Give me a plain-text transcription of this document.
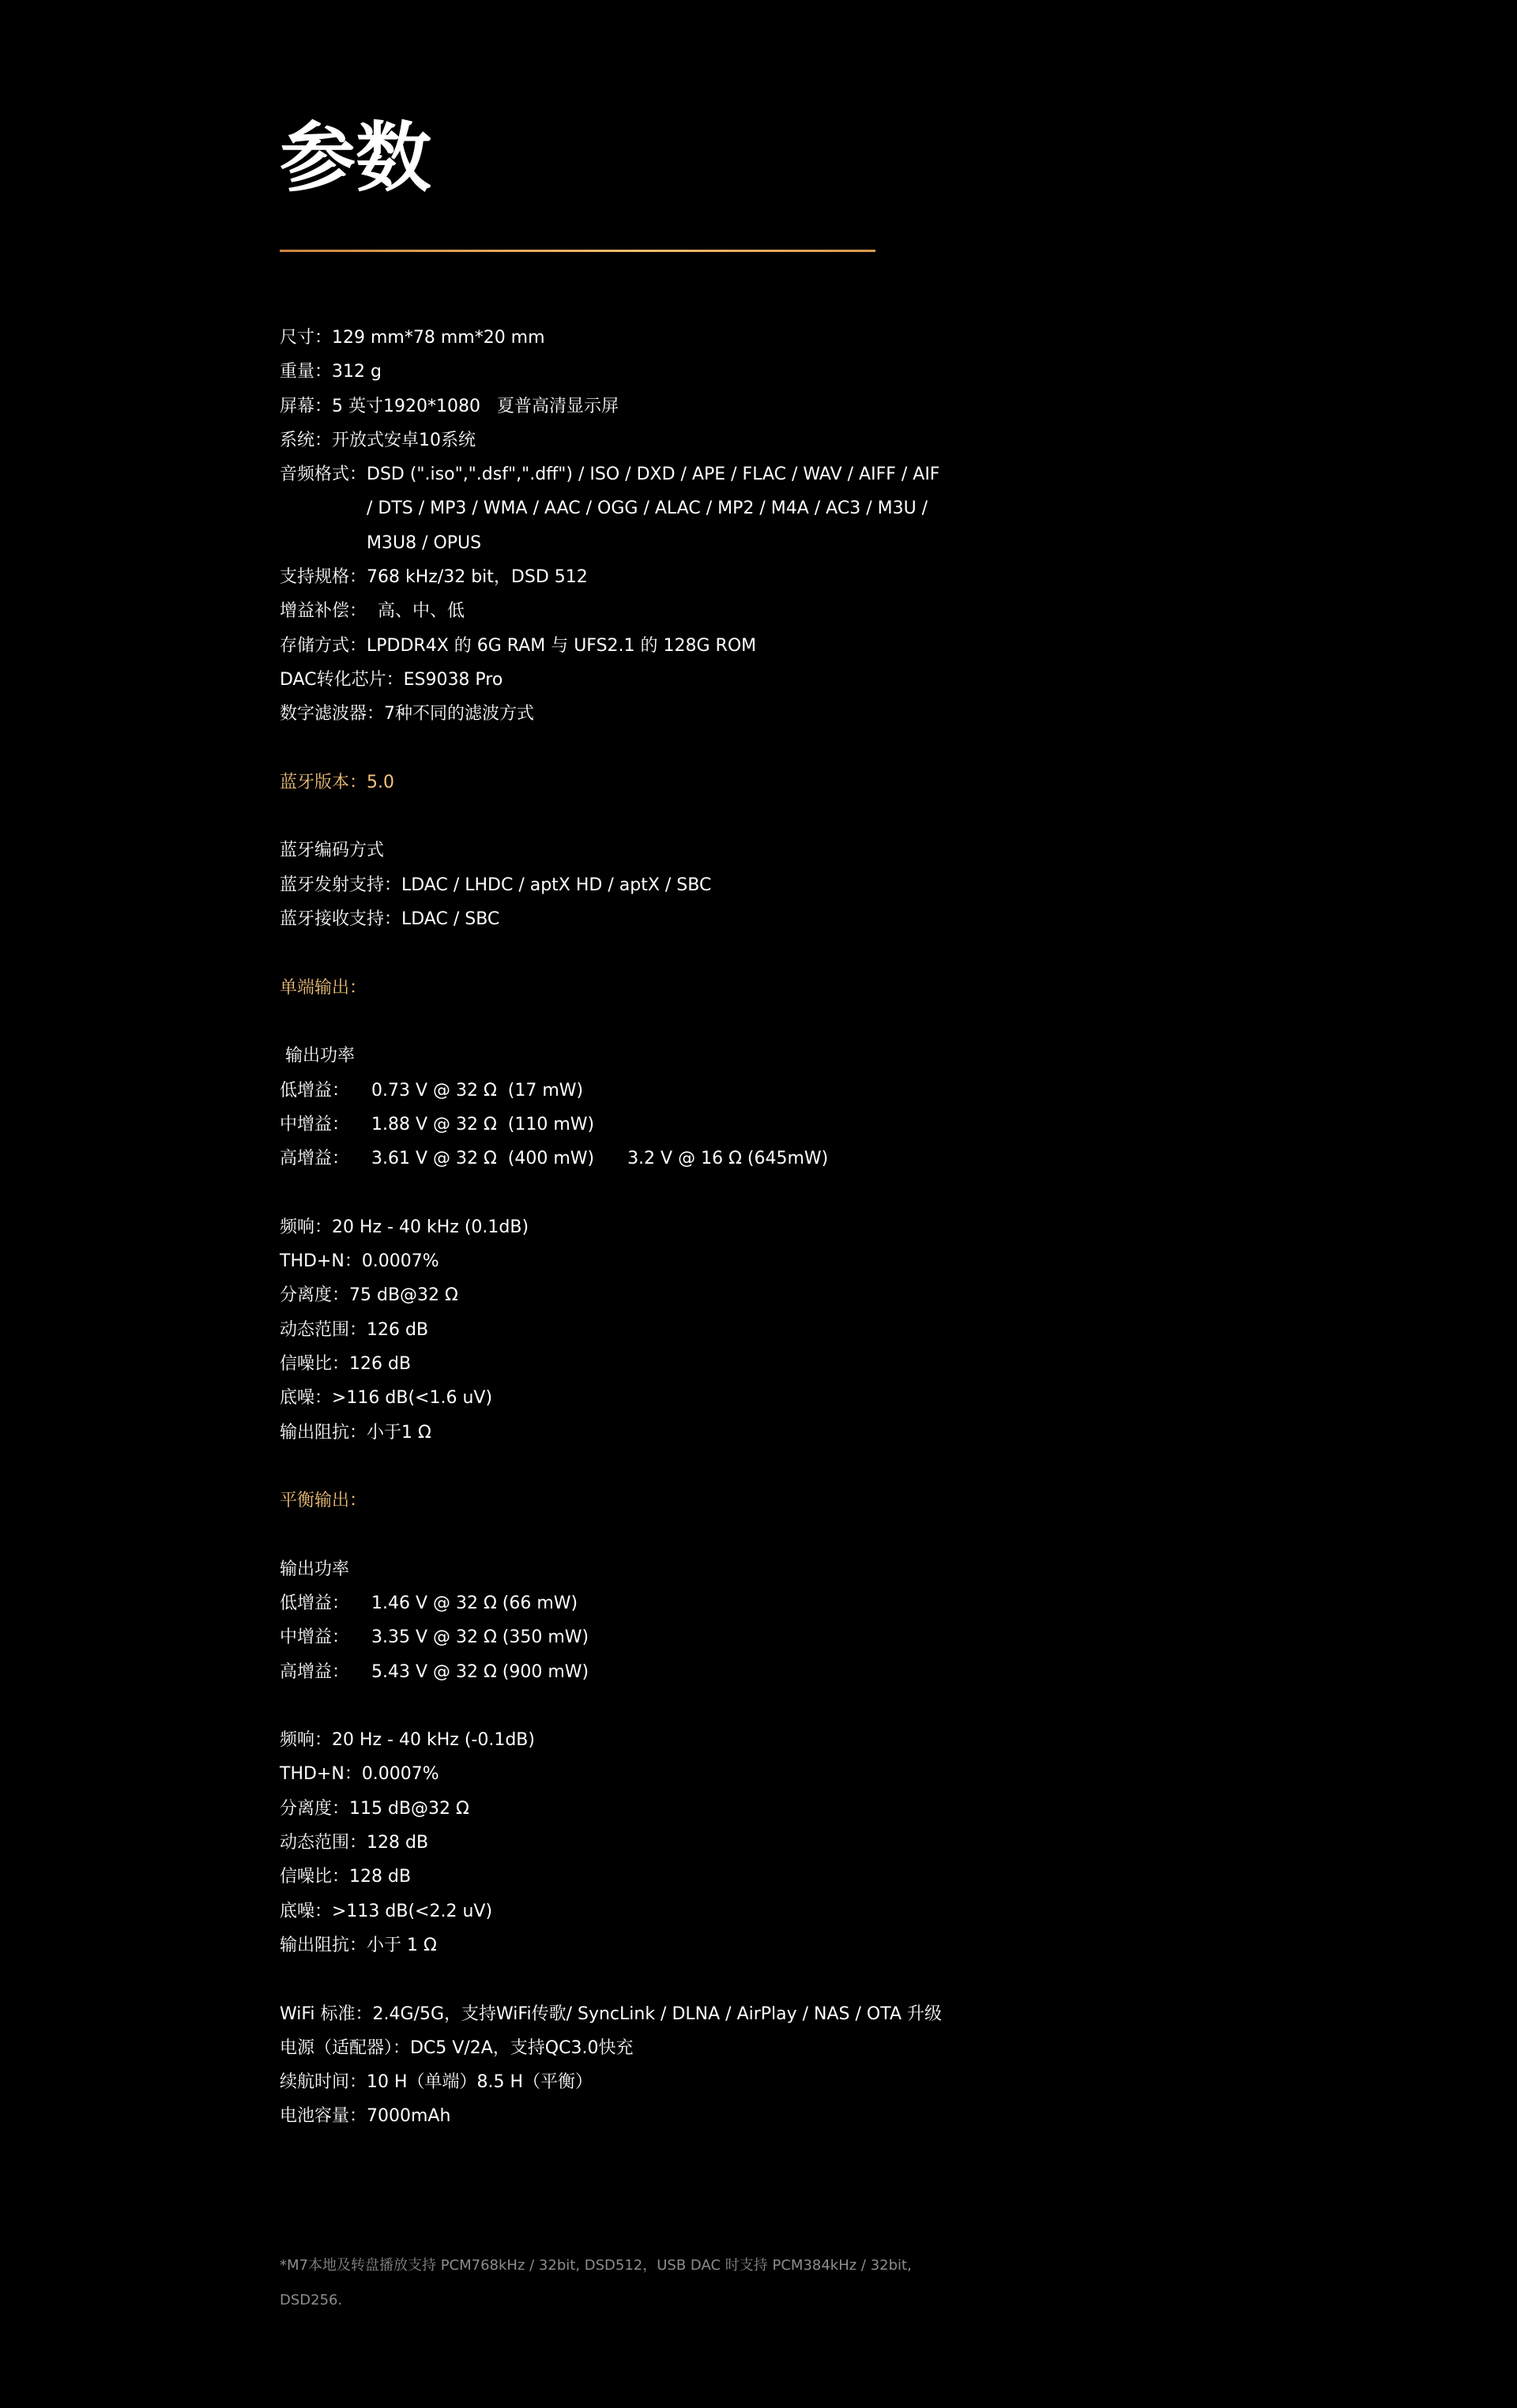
参数
尺寸：129 mm*78 mm*20 mm
重量：312 g
屏幕：5 英寸1920*1080   夏普高清显示屏
系统：开放式安卓10系统
音频格式：DSD (".iso",".dsf",".dff") / ISO / DXD / APE / FLAC / WAV / AIFF / AIF
/ DTS / MP3 / WMA / AAC / OGG / ALAC / MP2 / M4A / AC3 / M3U /
M3U8 / OPUS
支持规格：768 kHz/32 bit，DSD 512
增益补偿：  高、中、低
存储方式：LPDDR4X 的 6G RAM 与 UFS2.1 的 128G ROM
DAC转化芯片：ES9038 Pro
数字滤波器：7种不同的滤波方式
蓝牙版本：5.0
蓝牙编码方式
蓝牙发射支持：LDAC / LHDC / aptX HD / aptX / SBC
蓝牙接收支持：LDAC / SBC
单端输出：
输出功率
低增益：    0.73 V @ 32 Ω  (17 mW)
中增益：    1.88 V @ 32 Ω  (110 mW)
高增益：    3.61 V @ 32 Ω  (400 mW)      3.2 V @ 16 Ω (645mW)
频响：20 Hz - 40 kHz (0.1dB)
THD+N：0.0007%
分离度：75 dB@32 Ω
动态范围：126 dB
信噪比：126 dB
底噪：>116 dB(<1.6 uV)
输出阻抗：小于1 Ω
平衡输出：
输出功率
低增益：    1.46 V @ 32 Ω (66 mW)
中增益：    3.35 V @ 32 Ω (350 mW)
高增益：    5.43 V @ 32 Ω (900 mW)
频响：20 Hz - 40 kHz (-0.1dB)
THD+N：0.0007%
分离度：115 dB@32 Ω
动态范围：128 dB
信噪比：128 dB
底噪：>113 dB(<2.2 uV)
输出阻抗：小于 1 Ω
WiFi 标准：2.4G/5G，支持WiFi传歌/ SyncLink / DLNA / AirPlay / NAS / OTA 升级
电源（适配器）：DC5 V/2A，支持QC3.0快充
续航时间：10 H（单端）8.5 H（平衡）
电池容量：7000mAh
*M7本地及转盘播放支持 PCM768kHz / 32bit, DSD512，USB DAC 时支持 PCM384kHz / 32bit, DSD256.
